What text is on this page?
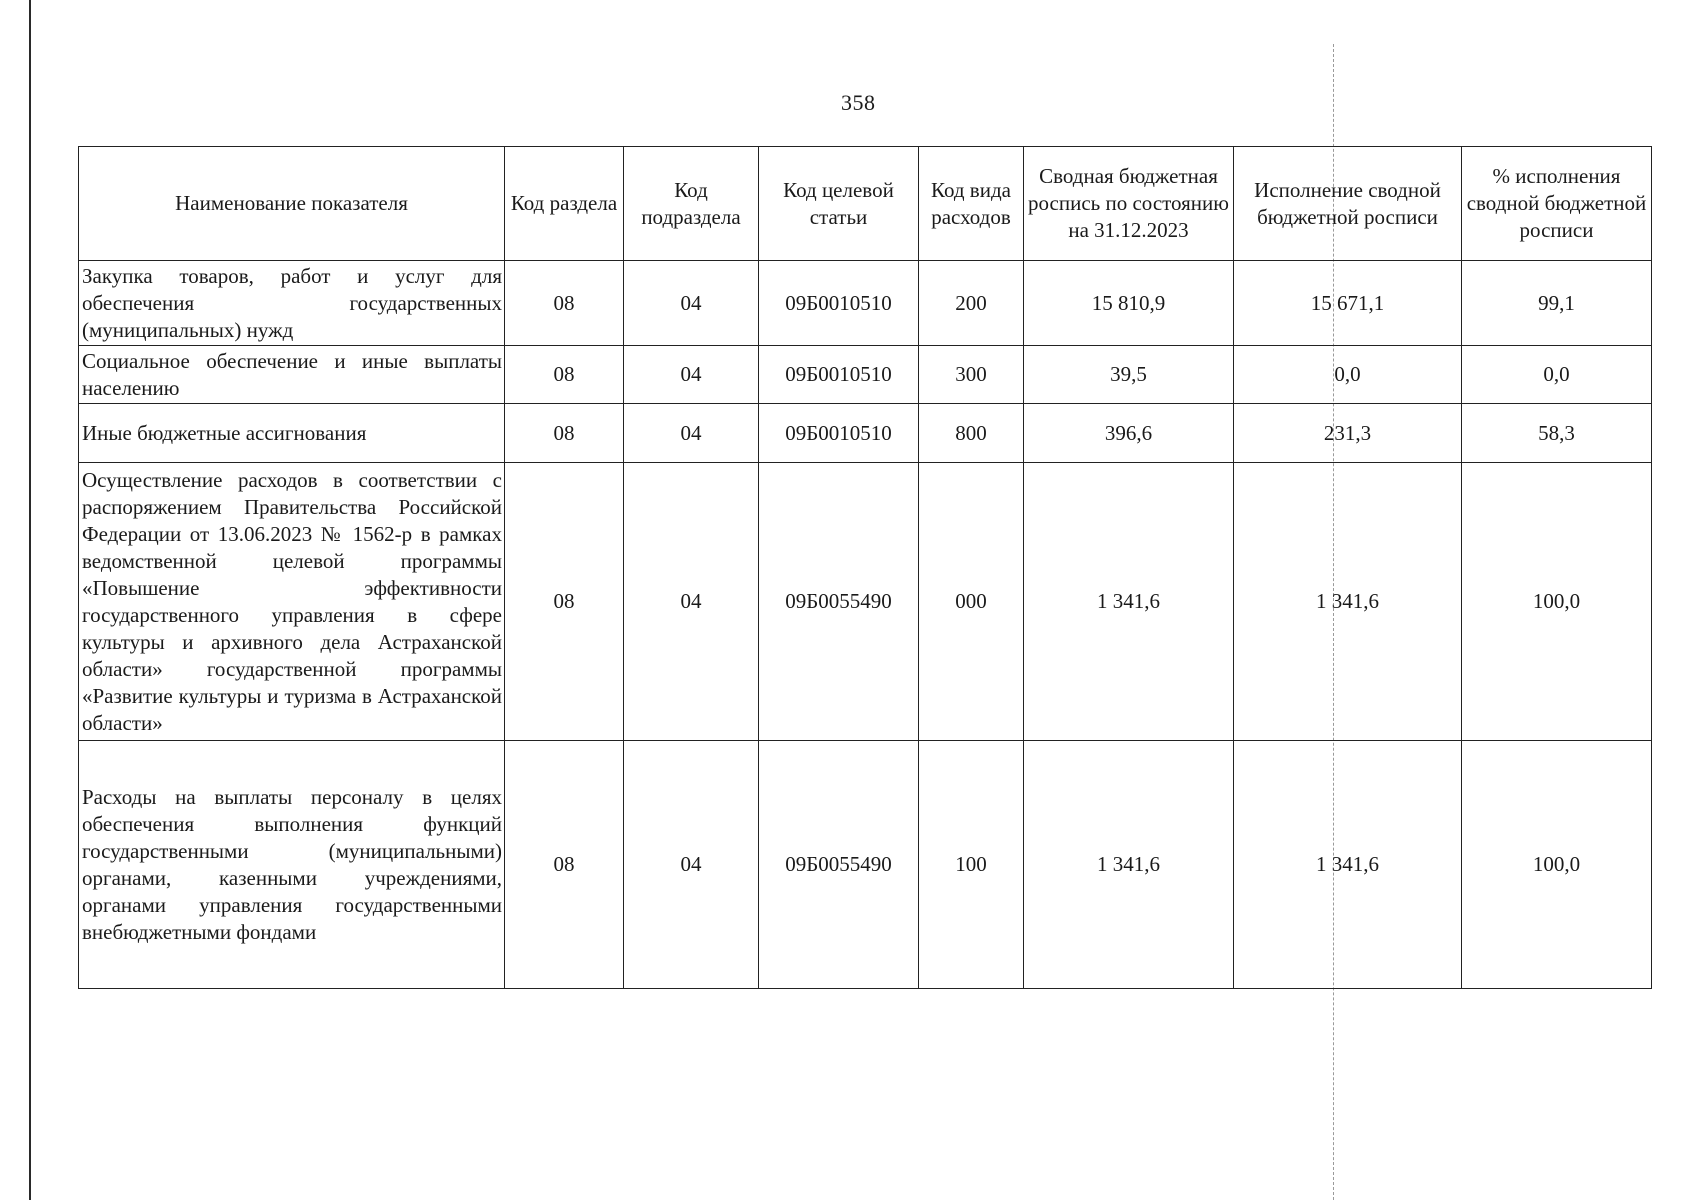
358
Наименование показателя	Код раздела	Код подраздела	Код целевой статьи	Код вида расходов	Сводная бюджетная роспись по состоянию на 31.12.2023	Исполнение сводной бюджетной росписи	% исполнения сводной бюджетной росписи
Закупка товаров, работ и услуг для обеспечения государственных (муниципальных) нужд	08	04	09Б0010510	200	15 810,9	15 671,1	99,1
Социальное обеспечение и иные выплаты населению	08	04	09Б0010510	300	39,5	0,0	0,0
Иные бюджетные ассигнования	08	04	09Б0010510	800	396,6	231,3	58,3
Осуществление расходов в соответствии с распоряжением Правительства Российской Федерации от 13.06.2023 № 1562-р в рамках ведомственной целевой программы «Повышение эффективности государственного управления в сфере культуры и архивного дела Астраханской области» государственной программы «Развитие культуры и туризма в Астраханской области»	08	04	09Б0055490	000	1 341,6	1 341,6	100,0
Расходы на выплаты персоналу в целях обеспечения выполнения функций государственными (муниципальными) органами, казенными учреждениями, органами управления государственными внебюджетными фондами	08	04	09Б0055490	100	1 341,6	1 341,6	100,0
